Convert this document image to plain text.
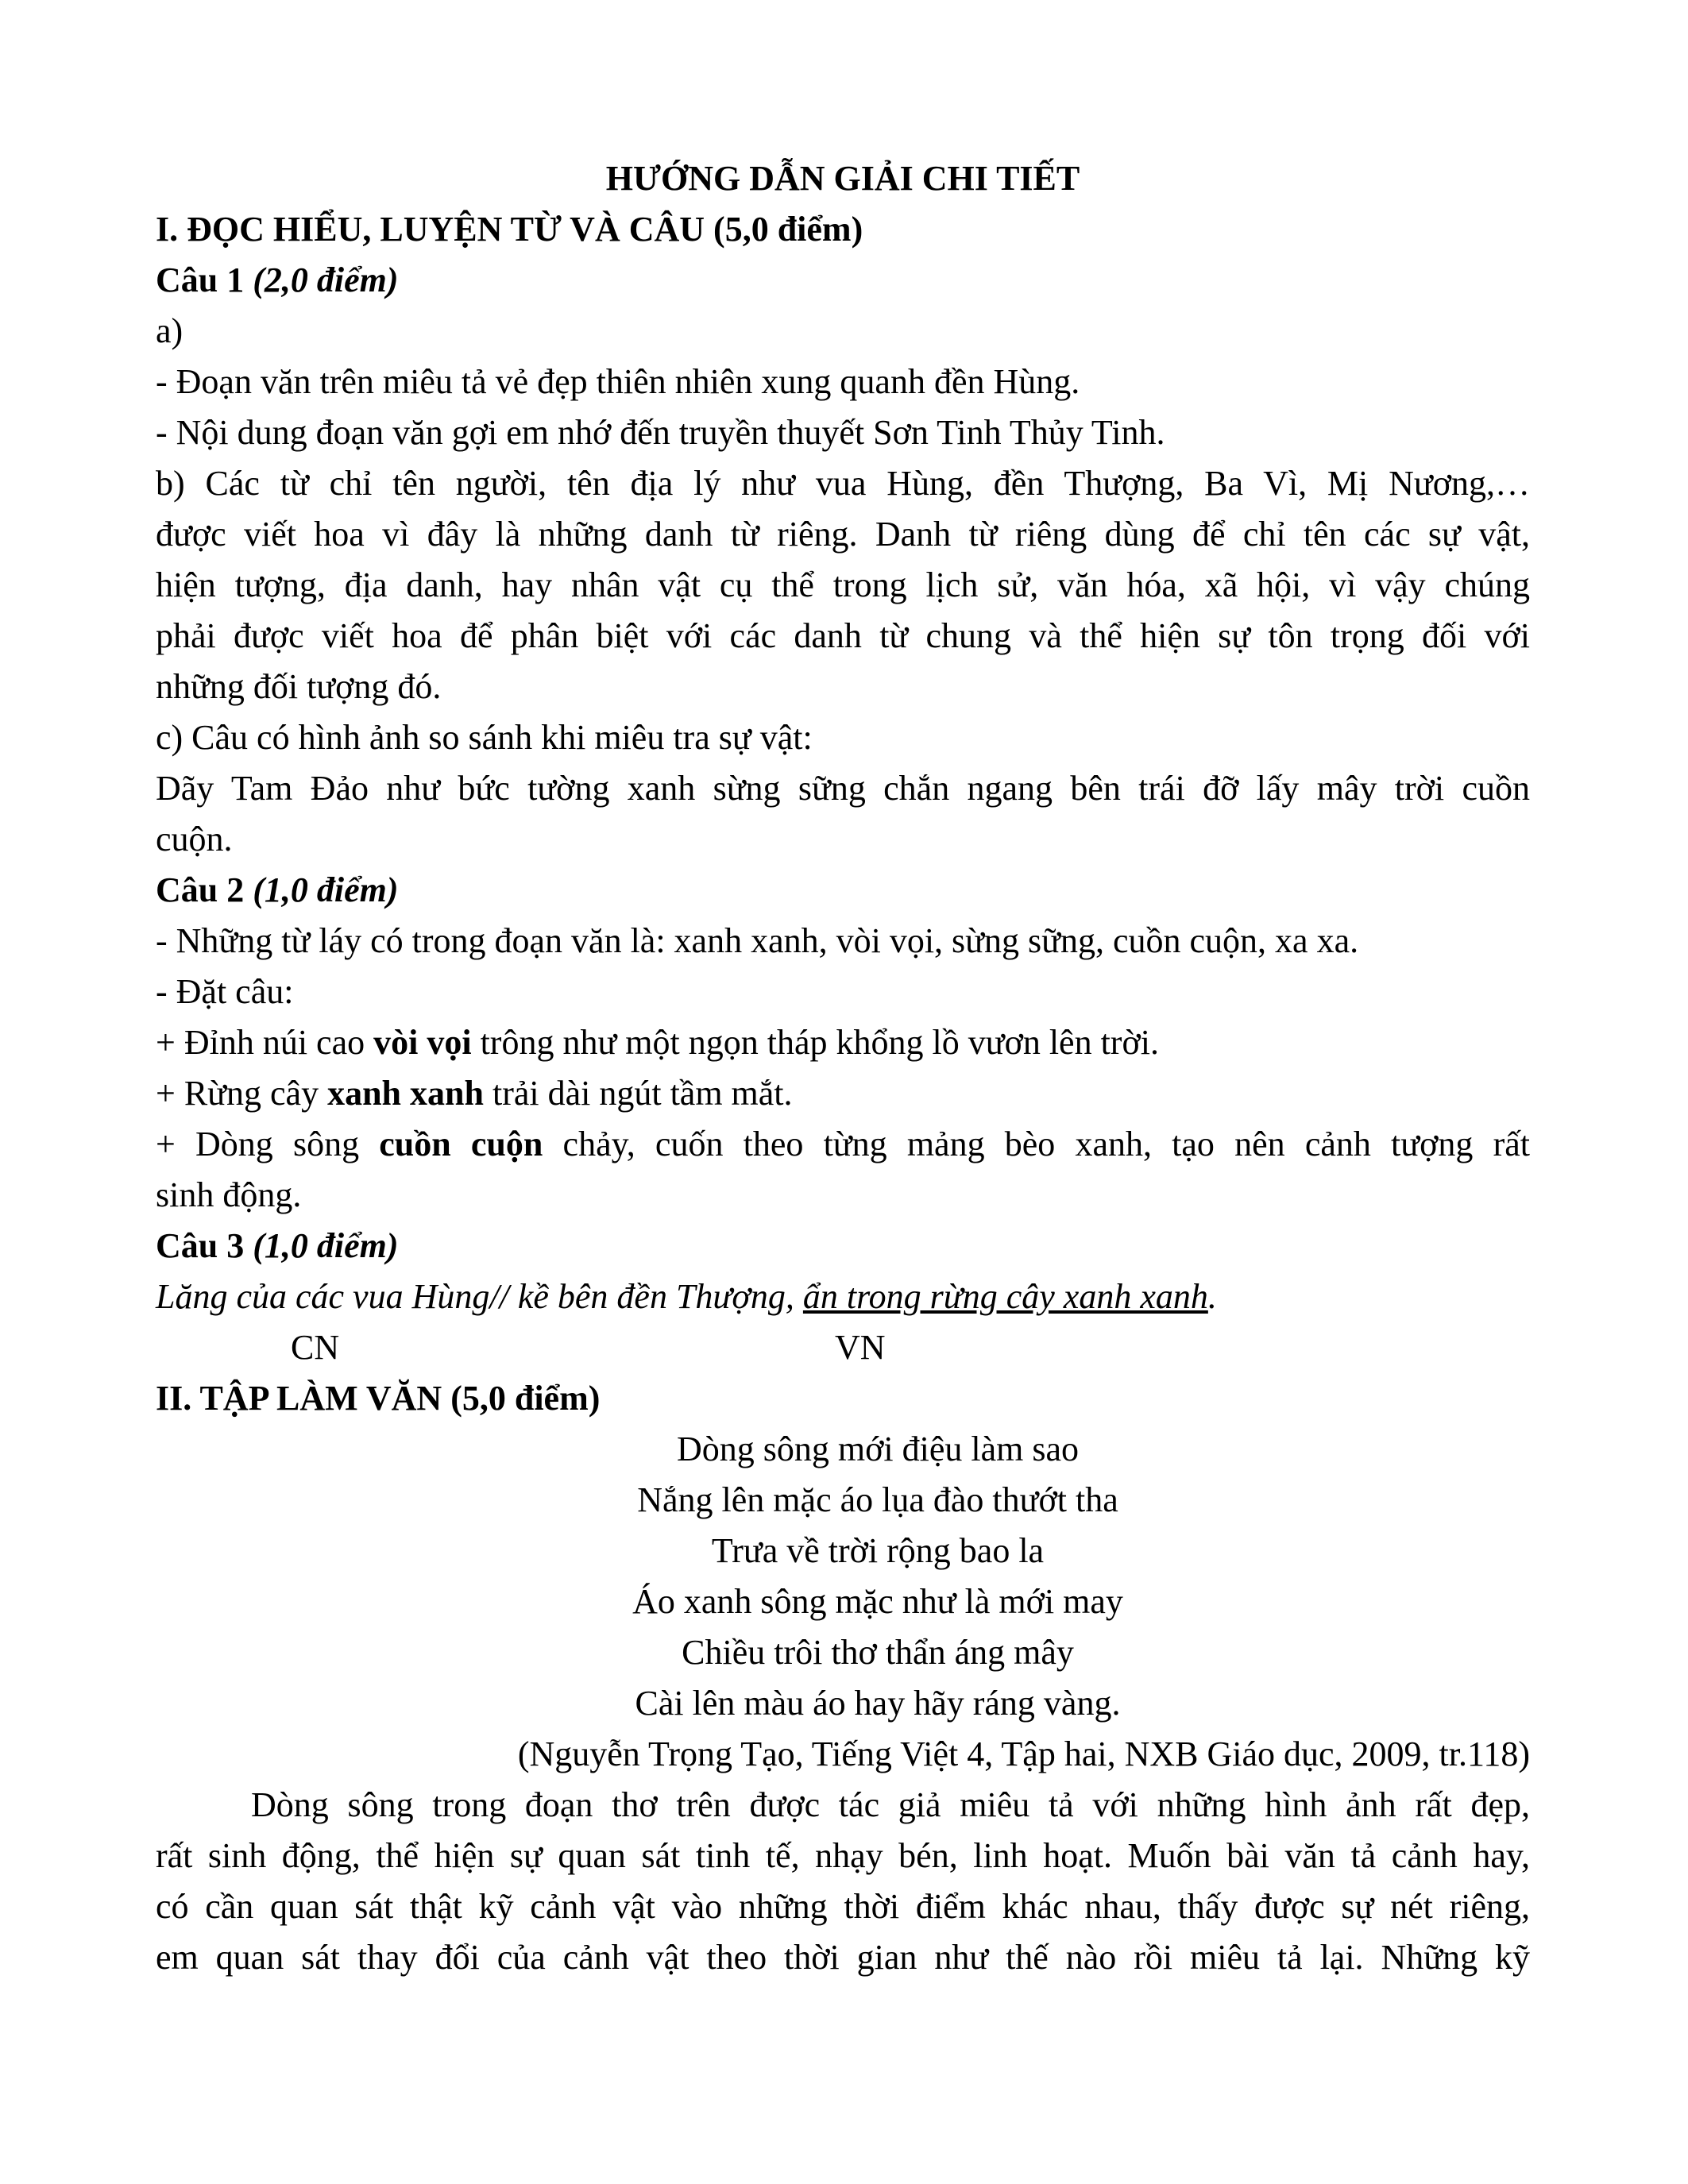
HƯỚNG DẪN GIẢI CHI TIẾT
I. ĐỌC HIỂU, LUYỆN TỪ VÀ CÂU (5,0 điểm)
Câu 1 (2,0 điểm)
a)
- Đoạn văn trên miêu tả vẻ đẹp thiên nhiên xung quanh đền Hùng.
- Nội dung đoạn văn gợi em nhớ đến truyền thuyết Sơn Tinh Thủy Tinh.
b) Các từ chỉ tên người, tên địa lý như vua Hùng, đền Thượng, Ba Vì, Mị Nương,…
được viết hoa vì đây là những danh từ riêng. Danh từ riêng dùng để chỉ tên các sự vật,
hiện tượng, địa danh, hay nhân vật cụ thể trong lịch sử, văn hóa, xã hội, vì vậy chúng
phải được viết hoa để phân biệt với các danh từ chung và thể hiện sự tôn trọng đối với
những đối tượng đó.
c) Câu có hình ảnh so sánh khi miêu tra sự vật:
Dãy Tam Đảo như bức tường xanh sừng sững chắn ngang bên trái đỡ lấy mây trời cuồn
cuộn.
Câu 2 (1,0 điểm)
- Những từ láy có trong đoạn văn là: xanh xanh, vòi vọi, sừng sững, cuồn cuộn, xa xa.
- Đặt câu:
+ Đỉnh núi cao vòi vọi trông như một ngọn tháp khổng lồ vươn lên trời.
+ Rừng cây xanh xanh trải dài ngút tầm mắt.
+ Dòng sông cuồn cuộn chảy, cuốn theo từng mảng bèo xanh, tạo nên cảnh tượng rất
sinh động.
Câu 3 (1,0 điểm)
Lăng của các vua Hùng// kề bên đền Thượng, ẩn trong rừng cây xanh xanh.
CN	VN
II. TẬP LÀM VĂN (5,0 điểm)
Dòng sông mới điệu làm sao
Nắng lên mặc áo lụa đào thướt tha
Trưa về trời rộng bao la
Áo xanh sông mặc như là mới may
Chiều trôi thơ thẩn áng mây
Cài lên màu áo hay hãy ráng vàng.
(Nguyễn Trọng Tạo, Tiếng Việt 4, Tập hai, NXB Giáo dục, 2009, tr.118)
Dòng sông trong đoạn thơ trên được tác giả miêu tả với những hình ảnh rất đẹp,
rất sinh động, thể hiện sự quan sát tinh tế, nhạy bén, linh hoạt. Muốn bài văn tả cảnh hay,
có cần quan sát thật kỹ cảnh vật vào những thời điểm khác nhau, thấy được sự nét riêng,
em quan sát thay đổi của cảnh vật theo thời gian như thế nào rồi miêu tả lại. Những kỹ
